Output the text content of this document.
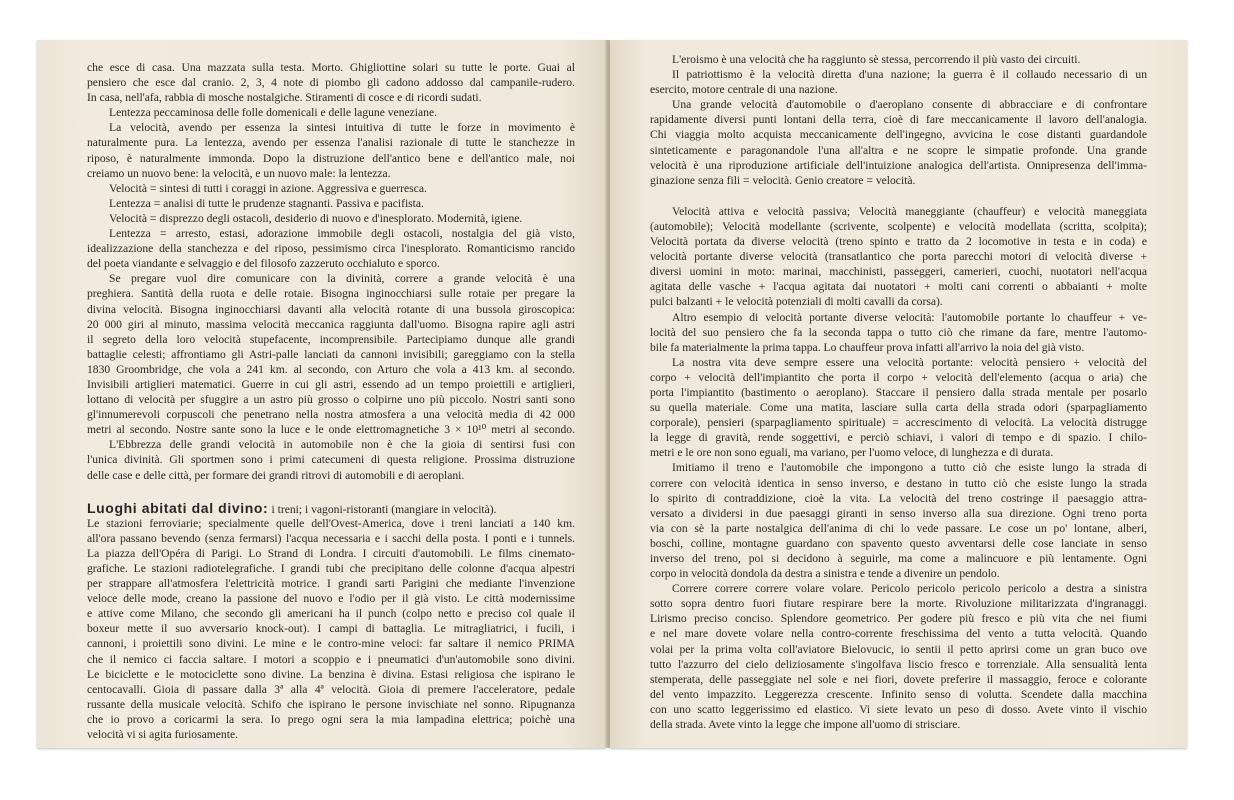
che esce di casa. Una mazzata sulla testa. Morto. Ghigliottine solari su tutte le porte. Guai al
pensiero che esce dal cranio. 2, 3, 4 note di piombo gli cadono addosso dal campanile-rudero.
In casa, nell'afa, rabbia di mosche nostalgiche. Stiramenti di cosce e di ricordi sudati.
Lentezza peccaminosa delle folle domenicali e delle lagune veneziane.
La velocità, avendo per essenza la sintesi intuitiva di tutte le forze in movimento è
naturalmente pura. La lentezza, avendo per essenza l'analisi razionale di tutte le stanchezze in
riposo, è naturalmente immonda. Dopo la distruzione dell'antico bene e dell'antico male, noi
creiamo un nuovo bene: la velocità, e un nuovo male: la lentezza.
Velocità = sintesi di tutti i coraggi in azione. Aggressiva e guerresca.
Lentezza = analisi di tutte le prudenze stagnanti. Passiva e pacifista.
Velocità = disprezzo degli ostacoli, desiderio di nuovo e d'inesplorato. Modernità, igiene.
Lentezza = arresto, estasi, adorazione immobile degli ostacoli, nostalgia del già visto,
idealizzazione della stanchezza e del riposo, pessimismo circa l'inesplorato. Romanticismo rancido
del poeta viandante e selvaggio e del filosofo zazzeruto occhialuto e sporco.
Se pregare vuol dire comunicare con la divinità, correre a grande velocità è una
preghiera. Santità della ruota e delle rotaie. Bisogna inginocchiarsi sulle rotaie per pregare la
divina velocità. Bisogna inginocchiarsi davanti alla velocità rotante di una bussola giroscopica:
20 000 giri al minuto, massima velocità meccanica raggiunta dall'uomo. Bisogna rapire agli astri
il segreto della loro velocità stupefacente, incomprensibile. Partecipiamo dunque alle grandi
battaglie celesti; affrontiamo gli Astri-palle lanciati da cannoni invisibili; gareggiamo con la stella
1830 Groombridge, che vola a 241 km. al secondo, con Arturo che vola a 413 km. al secondo.
Invisibili artiglieri matematici. Guerre in cui gli astri, essendo ad un tempo proiettili e artiglieri,
lottano di velocità per sfuggire a un astro più grosso o colpirne uno più piccolo. Nostri santi sono
gl'innumerevoli corpuscoli che penetrano nella nostra atmosfera a una velocità media di 42 000
metri al secondo. Nostre sante sono la luce e le onde elettromagnetiche 3 × 10¹⁰ metri al secondo.
L'Ebbrezza delle grandi velocità in automobile non è che la gioia di sentirsi fusi con
l'unica divinità. Gli sportmen sono i primi catecumeni di questa religione. Prossima distruzione
delle case e delle città, per formare dei grandi ritrovi di automobili e di aeroplani.
Luoghi abitati dal divino: i treni; i vagoni-ristoranti (mangiare in velocità).
Le stazioni ferroviarie; specialmente quelle dell'Ovest-America, dove i treni lanciati a 140 km.
all'ora passano bevendo (senza fermarsi) l'acqua necessaria e i sacchi della posta. I ponti e i tunnels.
La piazza dell'Opéra di Parigi. Lo Strand di Londra. I circuiti d'automobili. Le films cinemato-
grafiche. Le stazioni radiotelegrafiche. I grandi tubi che precipitano delle colonne d'acqua alpestri
per strappare all'atmosfera l'elettricità motrice. I grandi sarti Parigini che mediante l'invenzione
veloce delle mode, creano la passione del nuovo e l'odio per il già visto. Le città modernissime
e attive come Milano, che secondo gli americani ha il punch (colpo netto e preciso col quale il
boxeur mette il suo avversario knock-out). I campi di battaglia. Le mitragliatrici, i fucili, i
cannoni, i proiettili sono divini. Le mine e le contro-mine veloci: far saltare il nemico PRIMA
che il nemico ci faccia saltare. I motori a scoppio e i pneumatici d'un'automobile sono divini.
Le biciclette e le motociclette sono divine. La benzina è divina. Estasi religiosa che ispirano le
centocavalli. Gioia di passare dalla 3ª alla 4ª velocità. Gioia di premere l'acceleratore, pedale
russante della musicale velocità. Schifo che ispirano le persone invischiate nel sonno. Ripugnanza
che io provo a coricarmi la sera. Io prego ogni sera la mia lampadina elettrica; poichè una
velocità vi si agita furiosamente.
L'eroismo è una velocità che ha raggiunto sè stessa, percorrendo il più vasto dei circuiti.
Il patriottismo è la velocità diretta d'una nazione; la guerra è il collaudo necessario di un
esercito, motore centrale di una nazione.
Una grande velocità d'automobile o d'aeroplano consente di abbracciare e di confrontare
rapidamente diversi punti lontani della terra, cioè di fare meccanicamente il lavoro dell'analogia.
Chi viaggia molto acquista meccanicamente dell'ingegno, avvicina le cose distanti guardandole
sinteticamente e paragonandole l'una all'altra e ne scopre le simpatie profonde. Una grande
velocità è una riproduzione artificiale dell'intuizione analogica dell'artista. Onnipresenza dell'imma-
ginazione senza fili = velocità. Genio creatore = velocità.
Velocità attiva e velocità passiva; Velocità maneggiante (chauffeur) e velocità maneggiata
(automobile); Velocità modellante (scrivente, scolpente) e velocità modellata (scritta, scolpita);
Velocità portata da diverse velocità (treno spinto e tratto da 2 locomotive in testa e in coda) e
velocità portante diverse velocità (transatlantico che porta parecchi motori di velocità diverse +
diversi uomini in moto: marinai, macchinisti, passeggeri, camerieri, cuochi, nuotatori nell'acqua
agitata delle vasche + l'acqua agitata dai nuotatori + molti cani correnti o abbaianti + molte
pulci balzanti + le velocità potenziali di molti cavalli da corsa).
Altro esempio di velocità portante diverse velocità: l'automobile portante lo chauffeur + ve-
locità del suo pensiero che fa la seconda tappa o tutto ciò che rimane da fare, mentre l'automo-
bile fa materialmente la prima tappa. Lo chauffeur prova infatti all'arrivo la noia del già visto.
La nostra vita deve sempre essere una velocità portante: velocità pensiero + velocità del
corpo + velocità dell'impiantito che porta il corpo + velocità dell'elemento (acqua o aria) che
porta l'impiantito (bastimento o aeroplano). Staccare il pensiero dalla strada mentale per posarlo
su quella materiale. Come una matita, lasciare sulla carta della strada odori (sparpagliamento
corporale), pensieri (sparpagliamento spirituale) = accrescimento di velocità. La velocità distrugge
la legge di gravità, rende soggettivi, e perciò schiavi, i valori di tempo e di spazio. I chilo-
metri e le ore non sono eguali, ma variano, per l'uomo veloce, di lunghezza e di durata.
Imitiamo il treno e l'automobile che impongono a tutto ciò che esiste lungo la strada di
correre con velocità identica in senso inverso, e destano in tutto ciò che esiste lungo la strada
lo spirito di contraddizione, cioè la vita. La velocità del treno costringe il paesaggio attra-
versato a dividersi in due paesaggi giranti in senso inverso alla sua direzione. Ogni treno porta
via con sè la parte nostalgica dell'anima di chi lo vede passare. Le cose un po' lontane, alberi,
boschi, colline, montagne guardano con spavento questo avventarsi delle cose lanciate in senso
inverso del treno, poi si decidono à seguirle, ma come a malincuore e più lentamente. Ogni
corpo in velocità dondola da destra a sinistra e tende a divenire un pendolo.
Correre correre correre volare volare. Pericolo pericolo pericolo pericolo a destra a sinistra
sotto sopra dentro fuori fiutare respirare bere la morte. Rivoluzione militarizzata d'ingranaggi.
Lirismo preciso conciso. Splendore geometrico. Per godere più fresco e più vita che nei fiumi
e nel mare dovete volare nella contro-corrente freschissima del vento a tutta velocità. Quando
volai per la prima volta coll'aviatore Bielovucic, io sentii il petto aprirsi come un gran buco ove
tutto l'azzurro del cielo deliziosamente s'ingolfava liscio fresco e torrenziale. Alla sensualità lenta
stemperata, delle passeggiate nel sole e nei fiori, dovete preferire il massaggio, feroce e colorante
del vento impazzito. Leggerezza crescente. Infinito senso di volutta. Scendete dalla macchina
con uno scatto leggerissimo ed elastico. Vi siete levato un peso di dosso. Avete vinto il vischio
della strada. Avete vinto la legge che impone all'uomo di strisciare.
